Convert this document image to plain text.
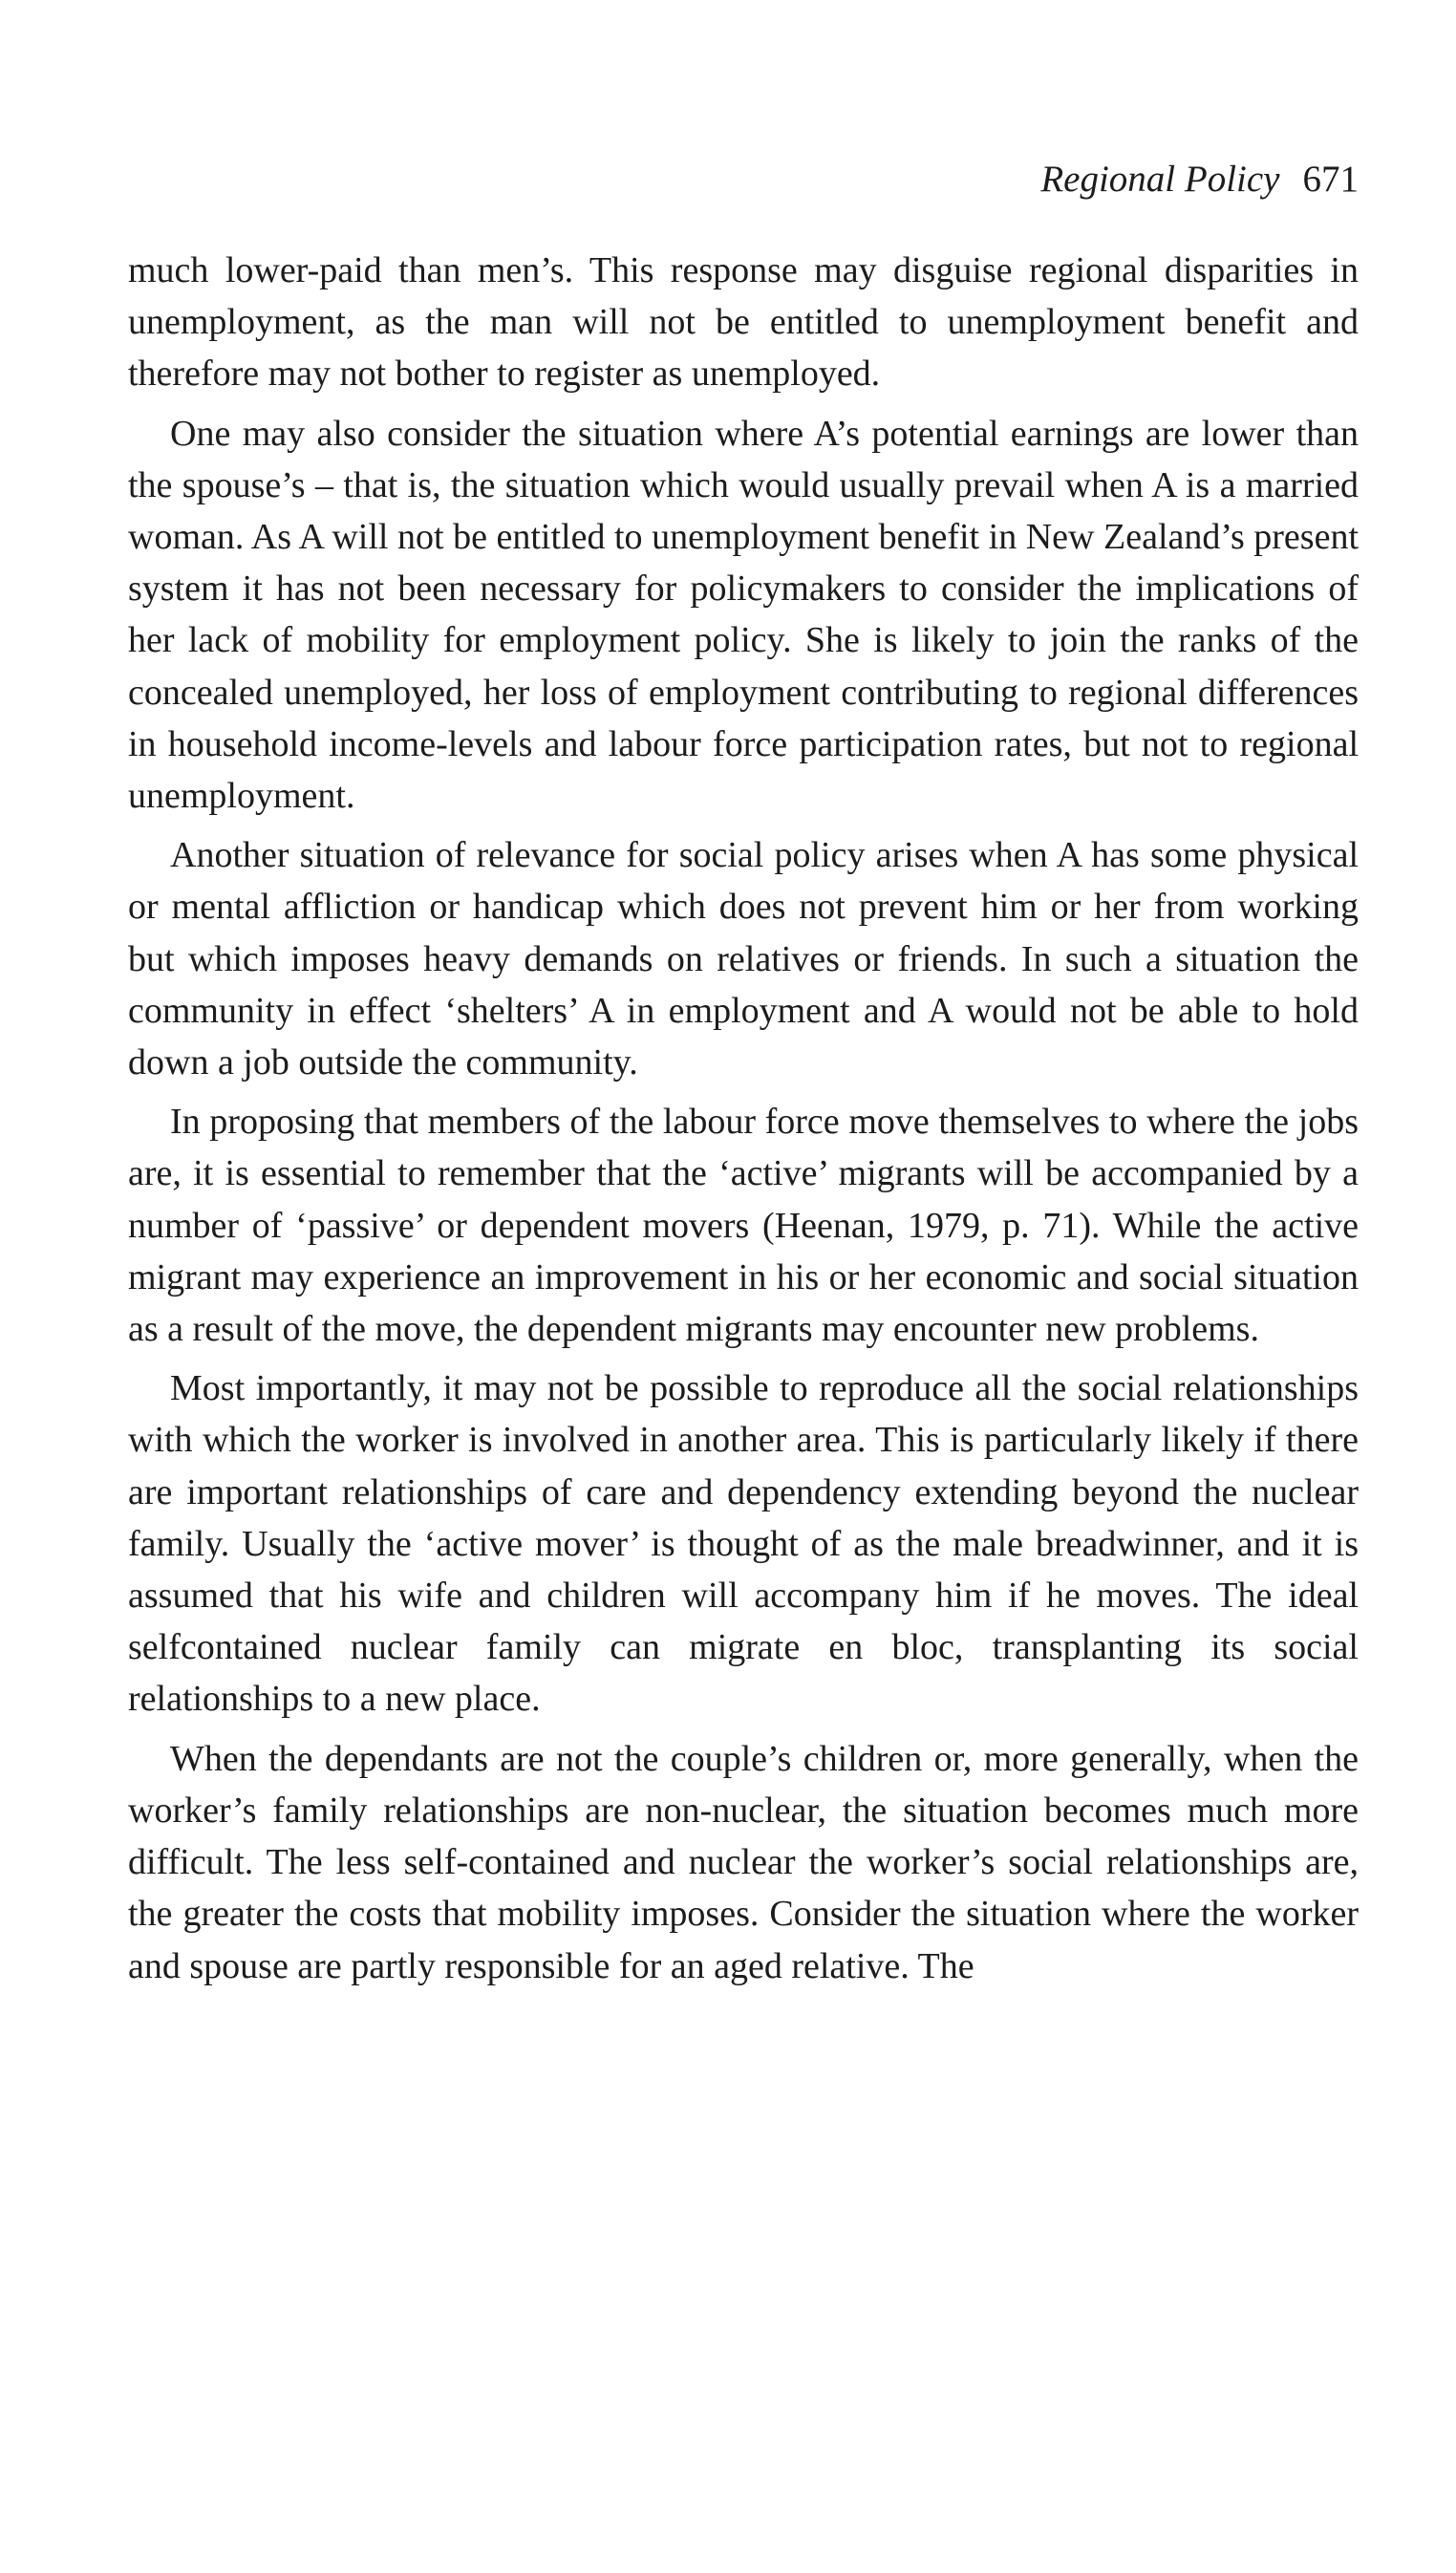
Regional Policy 671

much lower-paid than men’s. This response may disguise regional disparities in unemployment, as the man will not be entitled to unemployment benefit and therefore may not bother to register as unemployed.

One may also consider the situation where A’s potential earnings are lower than the spouse’s – that is, the situation which would usually prevail when A is a married woman. As A will not be entitled to unemployment benefit in New Zealand’s present system it has not been necessary for policymakers to consider the implications of her lack of mobility for employment policy. She is likely to join the ranks of the concealed unemployed, her loss of employment contributing to regional differences in household income-levels and labour force participation rates, but not to regional unemployment.

Another situation of relevance for social policy arises when A has some physical or mental affliction or handicap which does not prevent him or her from working but which imposes heavy demands on relatives or friends. In such a situation the community in effect ‘shelters’ A in employment and A would not be able to hold down a job outside the community.

In proposing that members of the labour force move themselves to where the jobs are, it is essential to remember that the ‘active’ migrants will be accompanied by a number of ‘passive’ or dependent movers (Heenan, 1979, p. 71). While the active migrant may experience an improvement in his or her economic and social situation as a result of the move, the dependent migrants may encounter new problems.

Most importantly, it may not be possible to reproduce all the social relationships with which the worker is involved in another area. This is particularly likely if there are important relationships of care and dependency extending beyond the nuclear family. Usually the ‘active mover’ is thought of as the male breadwinner, and it is assumed that his wife and children will accompany him if he moves. The ideal selfcontained nuclear family can migrate en bloc, transplanting its social relationships to a new place.

When the dependants are not the couple’s children or, more generally, when the worker’s family relationships are non-nuclear, the situation becomes much more difficult. The less self-contained and nuclear the worker’s social relationships are, the greater the costs that mobility imposes. Consider the situation where the worker and spouse are partly responsible for an aged relative. The
